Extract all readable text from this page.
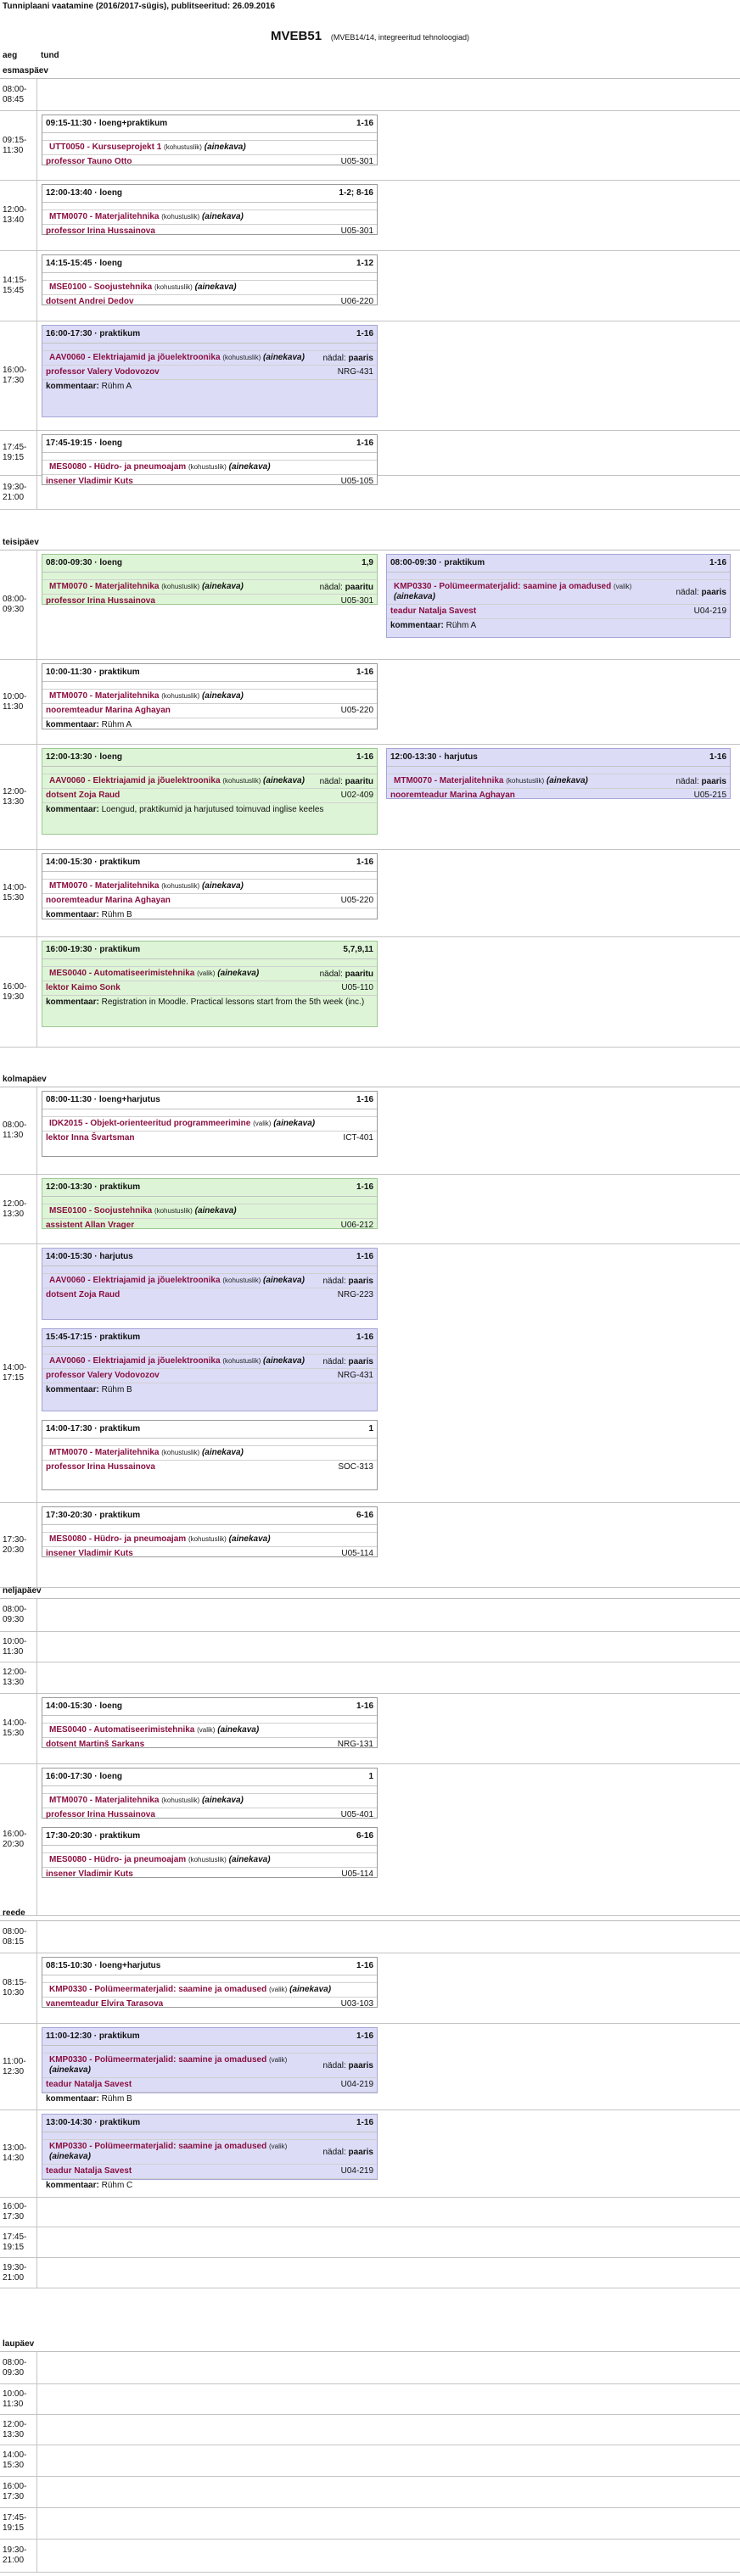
Tunniplaani vaatamine (2016/2017-sügis), publitseeritud: 26.09.2016
MVEB51 (MVEB14/14, integreeritud tehnoloogiad)
aeg	tund
esmaspäev
08:00-
08:45
09:15-
11:30
09:15-11:30 · loeng+praktikum	1-16
UTT0050 - Kursuseprojekt 1 (kohustuslik) (ainekava)
professor Tauno Otto	U05-301
12:00-
13:40
12:00-13:40 · loeng	1-2; 8-16
MTM0070 - Materjalitehnika (kohustuslik) (ainekava)
professor Irina Hussainova	U05-301
14:15-
15:45
14:15-15:45 · loeng	1-12
MSE0100 - Soojustehnika (kohustuslik) (ainekava)
dotsent Andrei Dedov	U06-220
16:00-
17:30
16:00-17:30 · praktikum	1-16
AAV0060 - Elektriajamid ja jõuelektroonika (kohustuslik) (ainekava)	nädal: paaris
professor Valery Vodovozov	NRG-431
kommentaar: Rühm A
17:45-
19:15
17:45-19:15 · loeng	1-16
MES0080 - Hüdro- ja pneumoajam (kohustuslik) (ainekava)
insener Vladimir Kuts	U05-105
19:30-
21:00
teisipäev
08:00-
09:30
08:00-09:30 · loeng	1,9
MTM0070 - Materjalitehnika (kohustuslik) (ainekava)	nädal: paaritu
professor Irina Hussainova	U05-301
08:00-09:30 · praktikum	1-16
KMP0330 - Polümeermaterjalid: saamine ja omadused (valik) (ainekava)	nädal: paaris
teadur Natalja Savest	U04-219
kommentaar: Rühm A
10:00-
11:30
10:00-11:30 · praktikum	1-16
MTM0070 - Materjalitehnika (kohustuslik) (ainekava)
nooremteadur Marina Aghayan	U05-220
kommentaar: Rühm A
12:00-
13:30
12:00-13:30 · loeng	1-16
AAV0060 - Elektriajamid ja jõuelektroonika (kohustuslik) (ainekava)	nädal: paaritu
dotsent Zoja Raud	U02-409
kommentaar: Loengud, praktikumid ja harjutused toimuvad inglise keeles
12:00-13:30 · harjutus	1-16
MTM0070 - Materjalitehnika (kohustuslik) (ainekava)	nädal: paaris
nooremteadur Marina Aghayan	U05-215
14:00-
15:30
14:00-15:30 · praktikum	1-16
MTM0070 - Materjalitehnika (kohustuslik) (ainekava)
nooremteadur Marina Aghayan	U05-220
kommentaar: Rühm B
16:00-
19:30
16:00-19:30 · praktikum	5,7,9,11
MES0040 - Automatiseerimistehnika (valik) (ainekava)	nädal: paaritu
lektor Kaimo Sonk	U05-110
kommentaar: Registration in Moodle. Practical lessons start from the 5th week (inc.)
kolmapäev
08:00-
11:30
08:00-11:30 · loeng+harjutus	1-16
IDK2015 - Objekt-orienteeritud programmeerimine (valik) (ainekava)
lektor Inna Švartsman	ICT-401
12:00-
13:30
12:00-13:30 · praktikum	1-16
MSE0100 - Soojustehnika (kohustuslik) (ainekava)
assistent Allan Vrager	U06-212
14:00-
17:15
14:00-15:30 · harjutus	1-16
AAV0060 - Elektriajamid ja jõuelektroonika (kohustuslik) (ainekava)	nädal: paaris
dotsent Zoja Raud	NRG-223
15:45-17:15 · praktikum	1-16
AAV0060 - Elektriajamid ja jõuelektroonika (kohustuslik) (ainekava)	nädal: paaris
professor Valery Vodovozov	NRG-431
kommentaar: Rühm B
14:00-17:30 · praktikum	1
MTM0070 - Materjalitehnika (kohustuslik) (ainekava)
professor Irina Hussainova	SOC-313
17:30-
20:30
17:30-20:30 · praktikum	6-16
MES0080 - Hüdro- ja pneumoajam (kohustuslik) (ainekava)
insener Vladimir Kuts	U05-114
neljapäev
08:00-
09:30
10:00-
11:30
12:00-
13:30
14:00-
15:30
14:00-15:30 · loeng	1-16
MES0040 - Automatiseerimistehnika (valik) (ainekava)
dotsent Martinš Sarkans	NRG-131
16:00-
20:30
16:00-17:30 · loeng	1
MTM0070 - Materjalitehnika (kohustuslik) (ainekava)
professor Irina Hussainova	U05-401
17:30-20:30 · praktikum	6-16
MES0080 - Hüdro- ja pneumoajam (kohustuslik) (ainekava)
insener Vladimir Kuts	U05-114
reede
08:00-
08:15
08:15-
10:30
08:15-10:30 · loeng+harjutus	1-16
KMP0330 - Polümeermaterjalid: saamine ja omadused (valik) (ainekava)
vanemteadur Elvira Tarasova	U03-103
11:00-
12:30
11:00-12:30 · praktikum	1-16
KMP0330 - Polümeermaterjalid: saamine ja omadused (valik) (ainekava)	nädal: paaris
teadur Natalja Savest	U04-219
kommentaar: Rühm B
13:00-
14:30
13:00-14:30 · praktikum	1-16
KMP0330 - Polümeermaterjalid: saamine ja omadused (valik) (ainekava)	nädal: paaris
teadur Natalja Savest	U04-219
kommentaar: Rühm C
16:00-
17:30
17:45-
19:15
19:30-
21:00
laupäev
08:00-
09:30
10:00-
11:30
12:00-
13:30
14:00-
15:30
16:00-
17:30
17:45-
19:15
19:30-
21:00
